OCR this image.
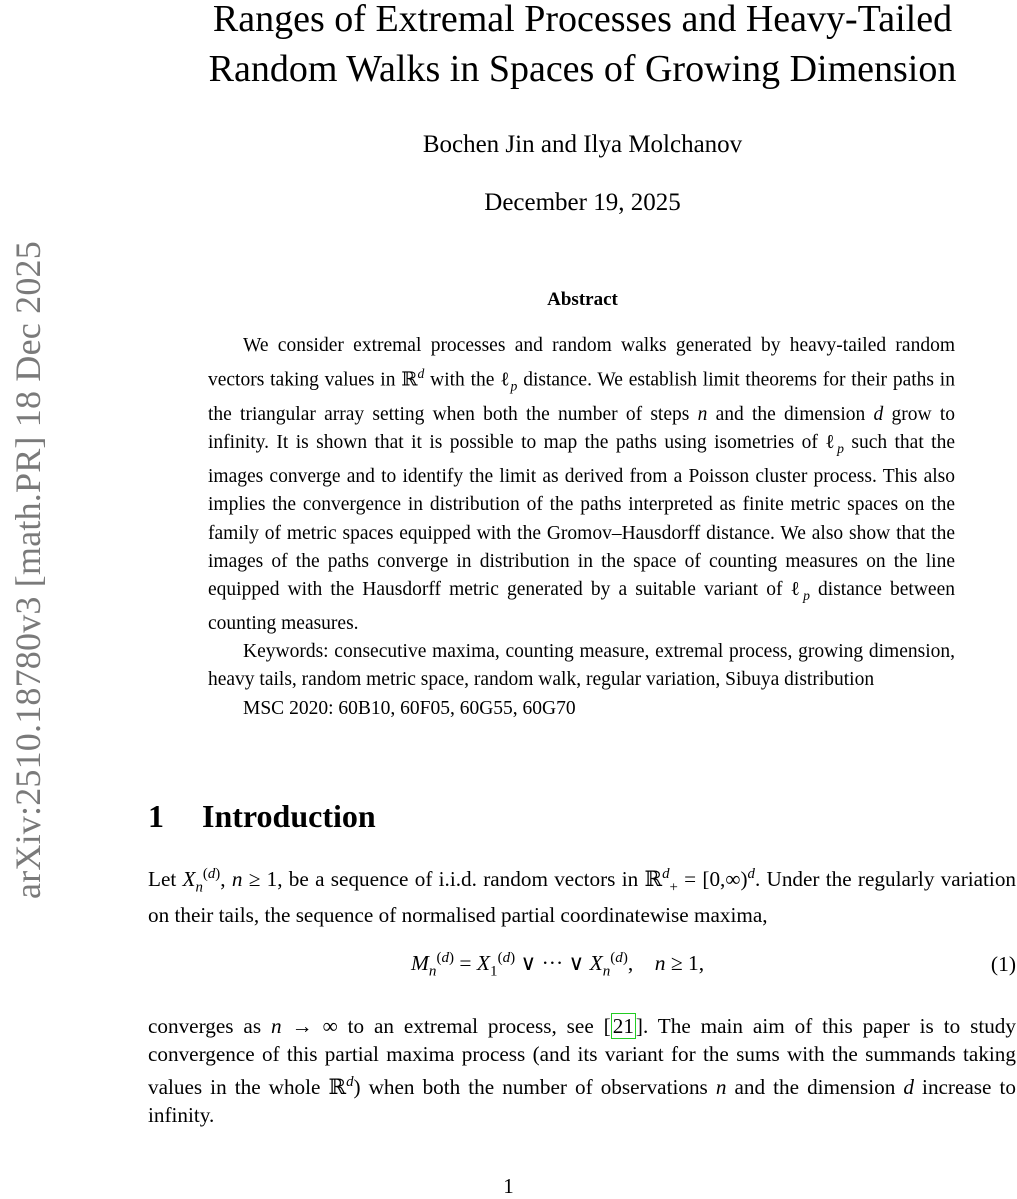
arXiv:2510.18780v3 [math.PR] 18 Dec 2025
Ranges of Extremal Processes and Heavy-Tailed
Random Walks in Spaces of Growing Dimension
Bochen Jin and Ilya Molchanov
December 19, 2025
Abstract

We consider extremal processes and random walks generated by heavy-tailed random vectors taking values in ℝ$^d$ with the ℓ$_p$ distance. We establish limit theorems for their paths in the triangular array setting when both the number of steps n and the dimension d grow to infinity. It is shown that it is possible to map the paths using isometries of ℓ$_p$ such that the images converge and to identify the limit as derived from a Poisson cluster process. This also implies the convergence in distribution of the paths interpreted as finite metric spaces on the family of metric spaces equipped with the Gromov–Hausdorff distance. We also show that the images of the paths converge in distribution in the space of counting measures on the line equipped with the Hausdorff metric generated by a suitable variant of ℓ$_p$ distance between counting measures.

Keywords: consecutive maxima, counting measure, extremal process, growing dimension, heavy tails, random metric space, random walk, regular variation, Sibuya distribution

MSC 2020: 60B10, 60F05, 60G55, 60G70

1 Introduction

Let $X_n^{(d)}$, n ≥ 1, be a sequence of i.i.d. random vectors in ℝ$^d_+$ = [0,∞)$^d$. Under the regularly variation on their tails, the sequence of normalised partial coordinatewise maxima,

$M_n^{(d)} = X_1^{(d)}$ ∨ ··· ∨ $X_n^{(d)}$,    n ≥ 1,	(1)

converges as n → ∞ to an extremal process, see [21]. The main aim of this paper is to study convergence of this partial maxima process (and its variant for the sums with the summands taking values in the whole ℝ$^d$) when both the number of observations n and the dimension d increase to infinity.

1
